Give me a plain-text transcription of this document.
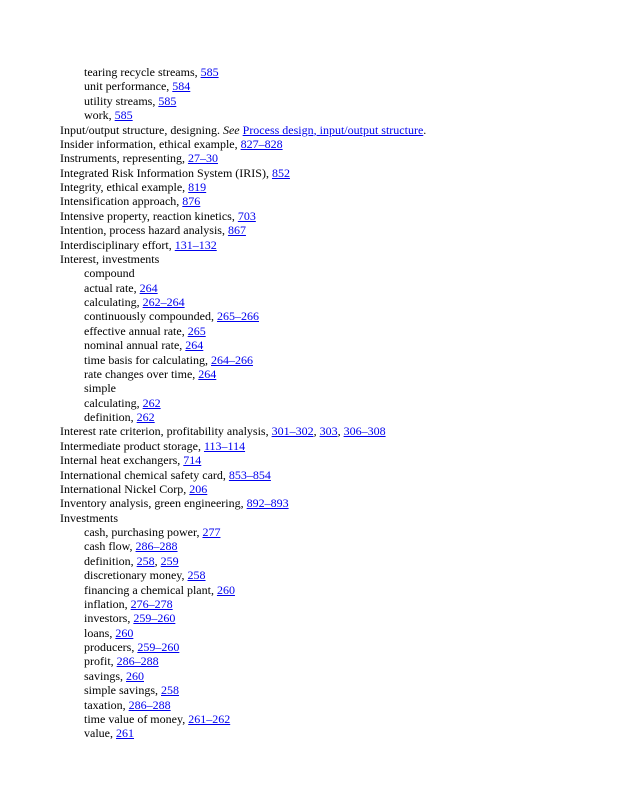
tearing recycle streams, 585
unit performance, 584
utility streams, 585
work, 585
Input/output structure, designing. See Process design, input/output structure.
Insider information, ethical example, 827–828
Instruments, representing, 27–30
Integrated Risk Information System (IRIS), 852
Integrity, ethical example, 819
Intensification approach, 876
Intensive property, reaction kinetics, 703
Intention, process hazard analysis, 867
Interdisciplinary effort, 131–132
Interest, investments
compound
actual rate, 264
calculating, 262–264
continuously compounded, 265–266
effective annual rate, 265
nominal annual rate, 264
time basis for calculating, 264–266
rate changes over time, 264
simple
calculating, 262
definition, 262
Interest rate criterion, profitability analysis, 301–302, 303, 306–308
Intermediate product storage, 113–114
Internal heat exchangers, 714
International chemical safety card, 853–854
International Nickel Corp, 206
Inventory analysis, green engineering, 892–893
Investments
cash, purchasing power, 277
cash flow, 286–288
definition, 258, 259
discretionary money, 258
financing a chemical plant, 260
inflation, 276–278
investors, 259–260
loans, 260
producers, 259–260
profit, 286–288
savings, 260
simple savings, 258
taxation, 286–288
time value of money, 261–262
value, 261
